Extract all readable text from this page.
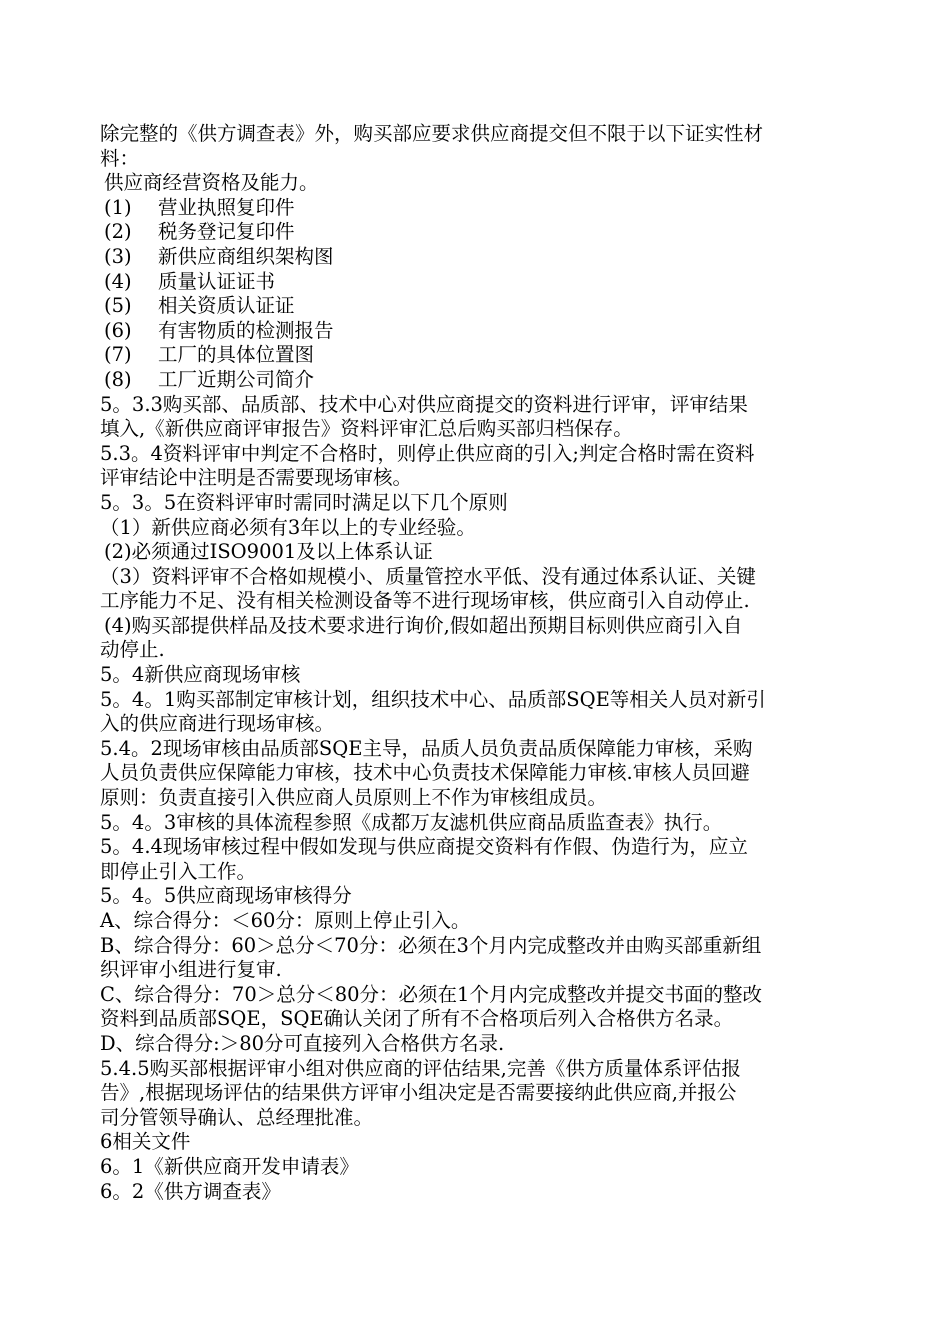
除完整的《供方调查表》外，购买部应要求供应商提交但不限于以下证实性材
料：
供应商经营资格及能力。
(1)	营业执照复印件
(2)	税务登记复印件
(3)	新供应商组织架构图
(4)	质量认证证书
(5)	相关资质认证证
(6)	有害物质的检测报告
(7)	工厂的具体位置图
(8)	工厂近期公司简介
5。3.3购买部、品质部、技术中心对供应商提交的资料进行评审，评审结果
填入,《新供应商评审报告》资料评审汇总后购买部归档保存。
5.3。4资料评审中判定不合格时，则停止供应商的引入;判定合格时需在资料
评审结论中注明是否需要现场审核。
5。3。5在资料评审时需同时满足以下几个原则
（1）新供应商必须有3年以上的专业经验。
(2)必须通过ISO9001及以上体系认证
（3）资料评审不合格如规模小、质量管控水平低、没有通过体系认证、关键
工序能力不足、没有相关检测设备等不进行现场审核，供应商引入自动停止.
(4)购买部提供样品及技术要求进行询价,假如超出预期目标则供应商引入自
动停止.
5。4新供应商现场审核
5。4。1购买部制定审核计划，组织技术中心、品质部SQE等相关人员对新引
入的供应商进行现场审核。
5.4。2现场审核由品质部SQE主导，品质人员负责品质保障能力审核，采购
人员负责供应保障能力审核，技术中心负责技术保障能力审核.审核人员回避
原则：负责直接引入供应商人员原则上不作为审核组成员。
5。4。3审核的具体流程参照《成都万友滤机供应商品质监查表》执行。
5。4.4现场审核过程中假如发现与供应商提交资料有作假、伪造行为，应立
即停止引入工作。
5。4。5供应商现场审核得分
A、综合得分：＜60分：原则上停止引入。
B、综合得分：60＞总分＜70分：必须在3个月内完成整改并由购买部重新组
织评审小组进行复审.
C、综合得分：70＞总分＜80分：必须在1个月内完成整改并提交书面的整改
资料到品质部SQE，SQE确认关闭了所有不合格项后列入合格供方名录。
D、综合得分:＞80分可直接列入合格供方名录.
5.4.5购买部根据评审小组对供应商的评估结果,完善《供方质量体系评估报
告》,根据现场评估的结果供方评审小组决定是否需要接纳此供应商,并报公
司分管领导确认、总经理批准。
6相关文件
6。1《新供应商开发申请表》
6。2《供方调查表》
